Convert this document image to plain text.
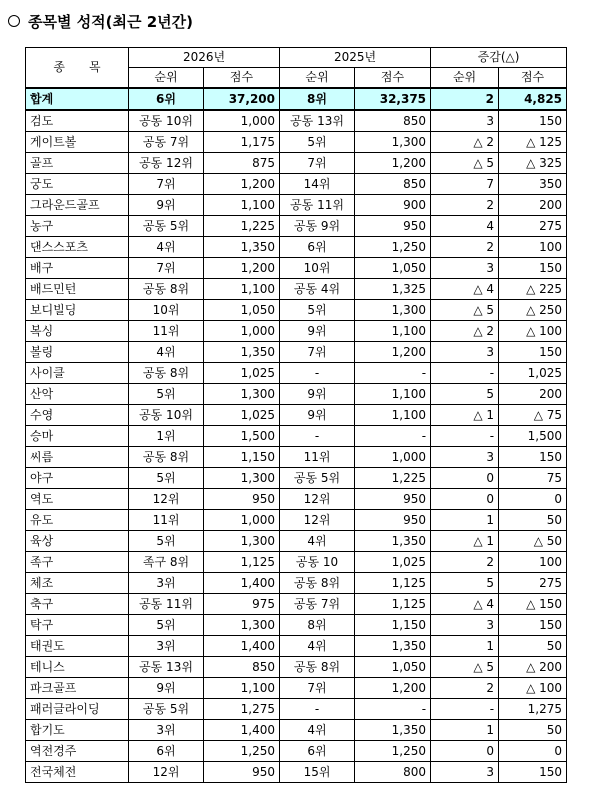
종목별 성적(최근 2년간)
종　　목	2026년		2025년		증감(△)	
	순위	점수	순위	점수	순위	점수
합계	6위	37,200	8위	32,375	2	4,825
검도	공동 10위	1,000	공동 13위	850	3	150
게이트볼	공동 7위	1,175	5위	1,300	△ 2	△ 125
골프	공동 12위	875	7위	1,200	△ 5	△ 325
궁도	7위	1,200	14위	850	7	350
그라운드골프	9위	1,100	공동 11위	900	2	200
농구	공동 5위	1,225	공동 9위	950	4	275
댄스스포츠	4위	1,350	6위	1,250	2	100
배구	7위	1,200	10위	1,050	3	150
배드민턴	공동 8위	1,100	공동 4위	1,325	△ 4	△ 225
보디빌딩	10위	1,050	5위	1,300	△ 5	△ 250
복싱	11위	1,000	9위	1,100	△ 2	△ 100
볼링	4위	1,350	7위	1,200	3	150
사이클	공동 8위	1,025	-	-	-	1,025
산악	5위	1,300	9위	1,100	5	200
수영	공동 10위	1,025	9위	1,100	△ 1	△ 75
승마	1위	1,500	-	-	-	1,500
씨름	공동 8위	1,150	11위	1,000	3	150
야구	5위	1,300	공동 5위	1,225	0	75
역도	12위	950	12위	950	0	0
유도	11위	1,000	12위	950	1	50
육상	5위	1,300	4위	1,350	△ 1	△ 50
족구	족구 8위	1,125	공동 10	1,025	2	100
체조	3위	1,400	공동 8위	1,125	5	275
축구	공동 11위	975	공동 7위	1,125	△ 4	△ 150
탁구	5위	1,300	8위	1,150	3	150
태권도	3위	1,400	4위	1,350	1	50
테니스	공동 13위	850	공동 8위	1,050	△ 5	△ 200
파크골프	9위	1,100	7위	1,200	2	△ 100
패러글라이딩	공동 5위	1,275	-	-	-	1,275
합기도	3위	1,400	4위	1,350	1	50
역전경주	6위	1,250	6위	1,250	0	0
전국체전	12위	950	15위	800	3	150
